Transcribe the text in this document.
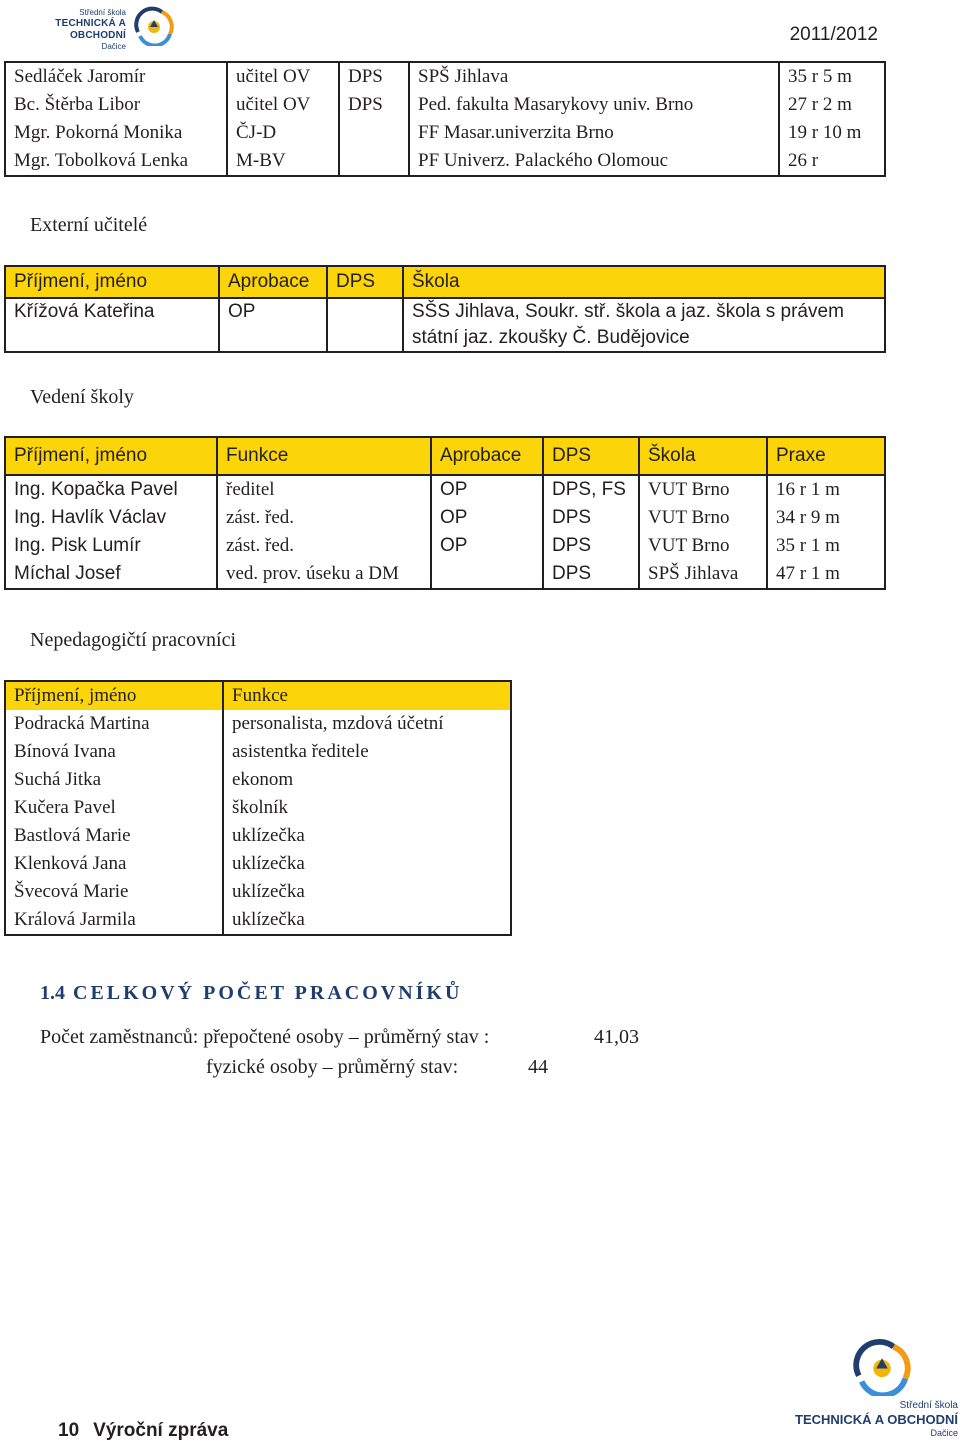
Střední škola
TECHNICKÁ A OBCHODNÍ
Dačice
2011/2012
Sedláček Jaromír	učitel OV	DPS	SPŠ Jihlava	35 r 5 m
Bc. Štěrba Libor	učitel OV	DPS	Ped. fakulta Masarykovy univ. Brno	27 r 2 m
Mgr. Pokorná Monika	ČJ-D		FF Masar.univerzita Brno	19 r 10 m
Mgr. Tobolková Lenka	M-BV		PF Univerz. Palackého Olomouc	26 r
Externí učitelé
Příjmení, jméno	Aprobace	DPS	Škola
Křížová Kateřina	OP		SŠS Jihlava, Soukr. stř. škola a jaz. škola s právem státní jaz. zkoušky Č. Budějovice
Vedení školy
Příjmení, jméno	Funkce	Aprobace	DPS	Škola	Praxe
Ing. Kopačka Pavel	ředitel	OP	DPS, FS	VUT Brno	16 r 1 m
Ing. Havlík Václav	zást. řed.	OP	DPS	VUT Brno	34 r 9 m
Ing. Pisk Lumír	zást. řed.	OP	DPS	VUT Brno	35 r 1 m
Míchal Josef	ved. prov. úseku a DM		DPS	SPŠ Jihlava	47 r 1 m
Nepedagogičtí pracovníci
Příjmení, jméno	Funkce
Podracká Martina	personalista, mzdová účetní
Bínová Ivana	asistentka ředitele
Suchá Jitka	ekonom
Kučera Pavel	školník
Bastlová Marie	uklízečka
Klenková Jana	uklízečka
Švecová Marie	uklízečka
Králová Jarmila	uklízečka
1.4 CELKOVÝ POČET PRACOVNÍKŮ
Počet zaměstnanců: přepočtené osoby – průměrný stav :	41,03
fyzické osoby – průměrný stav:	44
10 Výroční zpráva
Střední škola
TECHNICKÁ A OBCHODNÍ
Dačice
